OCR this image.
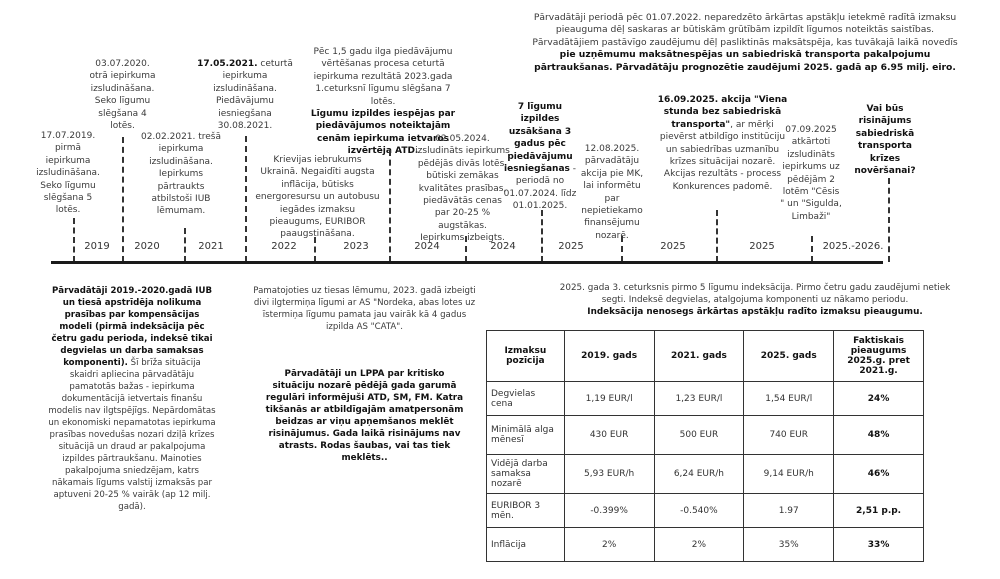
Pārvadātāji periodā pēc 01.07.2022. neparedzēto ārkārtas apstākļu ietekmē radītā izmaksu pieauguma dēļ saskaras ar būtiskām grūtībām izpildīt līgumos noteiktās saistības. Pārvadātājiem pastāvīgo zaudējumu dēļ pasliktinās maksātspēja, kas tuvākajā laikā novedīs pie uzņēmumu maksātnespējas un sabiedriskā transporta pakalpojumu pārtraukšanas. Pārvadātāju prognozētie zaudējumi 2025. gadā ap 6.95 milj. eiro.
03.07.2020. otrā iepirkuma izsludināšana. Seko līgumu slēgšana 4 lotēs.
17.05.2021. ceturtā iepirkuma izsludināšana. Piedāvājumu iesniegšana 30.08.2021.
Pēc 1,5 gadu ilga piedāvājumu vērtēšanas procesa ceturtā iepirkuma rezultātā 2023.gada 1.ceturksnī līgumu slēgšana 7 lotēs.
Līgumu izpildes iespējas par piedāvājumos noteiktajām cenām iepirkuma ietvaros izvērtēja ATD.
7 līgumu izpildes uzsākšana 3 gadus pēc piedāvājumu iesniegšanas - periodā no 01.07.2024. līdz 01.01.2025.
16.09.2025. akcija "Viena stunda bez sabiedriskā transporta", ar mērķi pievērst atbildīgo institūciju un sabiedrības uzmanību krīzes situācijai nozarē. Akcijas rezultāts - process Konkurences padomē.
Vai būs risinājums sabiedriskā transporta krīzes novēršanai?
17.07.2019. pirmā iepirkuma izsludināšana. Seko līgumu slēgšana 5 lotēs.
02.02.2021. trešā iepirkuma izsludināšana. Iepirkums pārtraukts atbilstoši IUB lēmumam.
Krievijas iebrukums Ukrainā. Negaidīti augsta inflācija, būtisks energoresursu un autobusu iegādes izmaksu pieaugums, EURIBOR paaugstināšana.
02.05.2024. izsludināts iepirkums pēdējās divās lotēs, būtiski zemākas kvalitātes prasības, piedāvātās cenas par 20-25 % augstākas. Iepirkums izbeigts.
12.08.2025. pārvadātāju akcija pie MK, lai informētu par nepietiekamo finansējumu nozarē.
07.09.2025 atkārtoti izsludināts iepirkums uz pēdējām 2 lotēm "Cēsis " un "Sigulda, Limbaži"
2019	2020	2021	2022	2023	2024	2024	2025	2025	2025	2025.-2026.
Pārvadātāji 2019.-2020.gadā IUB un tiesā apstrīdēja nolikuma prasības par kompensācijas modeli (pirmā indeksācija pēc četru gadu perioda, indeksē tikai degvielas un darba samaksas komponenti). Šī brīža situācija skaidri apliecina pārvadātāju pamatotās bažas - iepirkuma dokumentācijā ietvertais finanšu modelis nav ilgtspējīgs. Nepārdomātas un ekonomiski nepamatotas iepirkuma prasības novedušas nozari dziļā krīzes situācijā un draud ar pakalpojuma izpildes pārtraukšanu. Mainoties pakalpojuma sniedzējam, katrs nākamais līgums valstij izmaksās par aptuveni 20-25 % vairāk (ap 12 milj. gadā).
Pamatojoties uz tiesas lēmumu, 2023. gadā izbeigti divi ilgtermiņa līgumi ar AS "Nordeka, abas lotes uz īstermiņa līgumu pamata jau vairāk kā 4 gadus izpilda AS "CATA".
Pārvadātāji un LPPA par kritisko situāciju nozarē pēdējā gada garumā regulāri informējuši ATD, SM, FM. Katra tikšanās ar atbildīgajām amatpersonām beidzas ar viņu apņemšanos meklēt risinājumus. Gada laikā risinājums nav atrasts. Rodas šaubas, vai tas tiek meklēts..
2025. gada 3. ceturksnis pirmo 5 līgumu indeksācija. Pirmo četru gadu zaudējumi netiek segti. Indeksē degvielas, atalgojuma komponenti uz nākamo periodu.
Indeksācija nenosegs ārkārtas apstākļu radīto izmaksu pieaugumu.
Izmaksu pozīcija	2019. gads	2021. gads	2025. gads	Faktiskais pieaugums 2025.g. pret 2021.g.
Degvielas cena	1,19 EUR/l	1,23 EUR/l	1,54 EUR/l	24%
Minimālā alga mēnesī	430 EUR	500 EUR	740 EUR	48%
Vidējā darba samaksa nozarē	5,93 EUR/h	6,24 EUR/h	9,14 EUR/h	46%
EURIBOR 3 mēn.	-0.399%	-0.540%	1.97	2,51 p.p.
Inflācija	2%	2%	35%	33%
